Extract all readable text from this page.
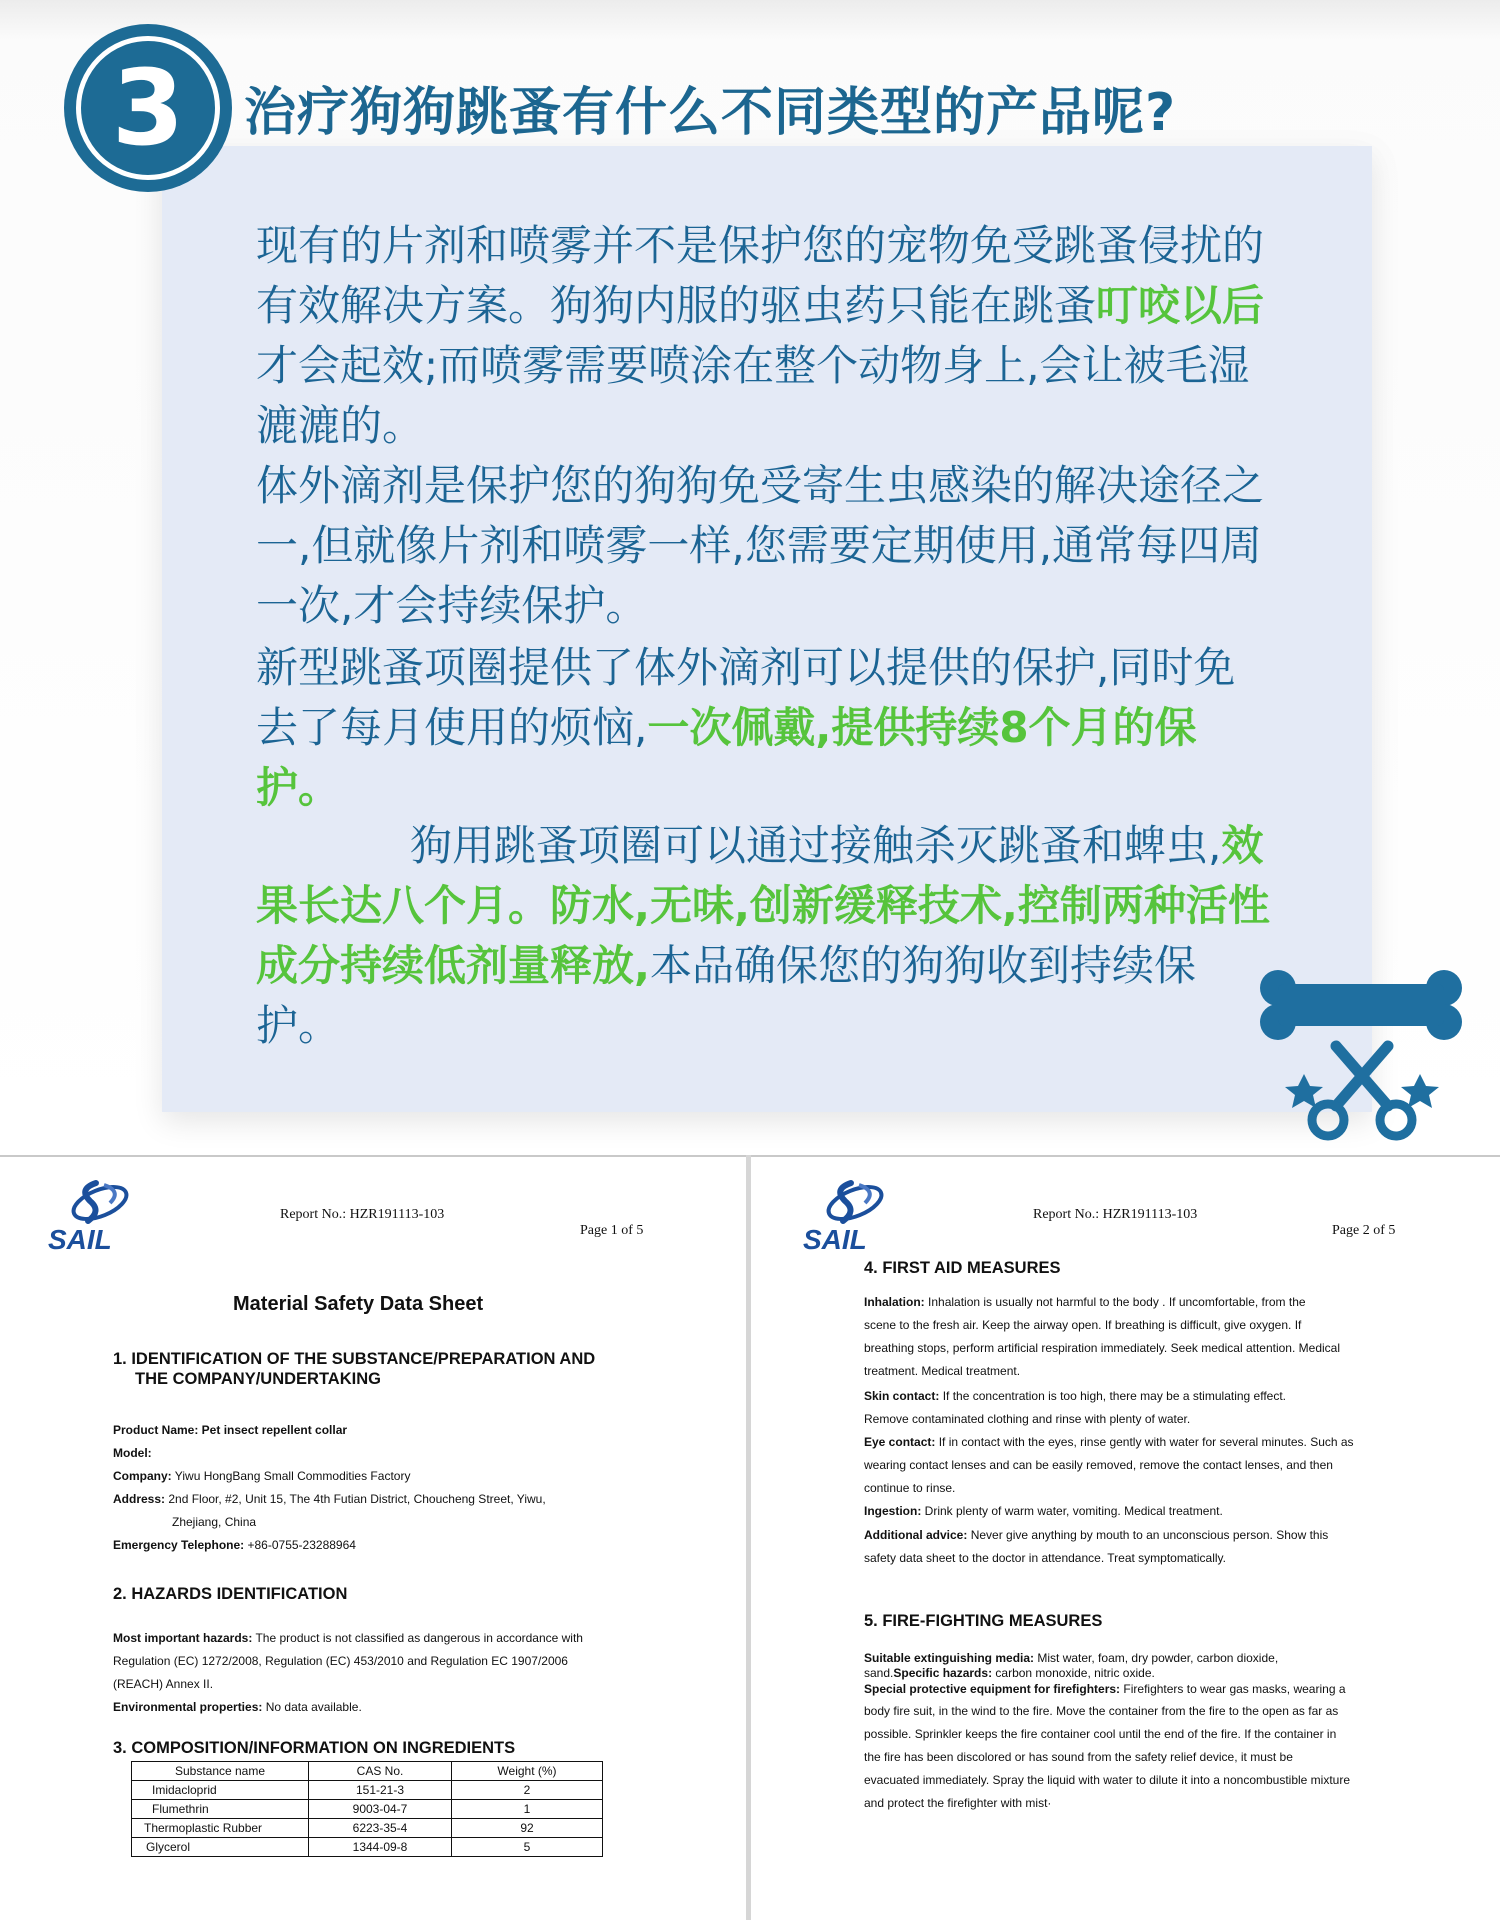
3	治疗狗狗跳蚤有什么不同类型的产品呢?
现有的片剂和喷雾并不是保护您的宠物免受跳蚤侵扰的有效解决方案。狗狗内服的驱虫药只能在跳蚤叮咬以后才会起效;而喷雾需要喷涂在整个动物身上,会让被毛湿漉漉的。
体外滴剂是保护您的狗狗免受寄生虫感染的解决途径之一,但就像片剂和喷雾一样,您需要定期使用,通常每四周一次,才会持续保护。
新型跳蚤项圈提供了体外滴剂可以提供的保护,同时免去了每月使用的烦恼,一次佩戴,提供持续8个月的保护。
狗用跳蚤项圈可以通过接触杀灭跳蚤和蜱虫,效果长达八个月。防水,无味,创新缓释技术,控制两种活性成分持续低剂量释放,本品确保您的狗狗收到持续保护。
SAIL
Report No.: HZR191113-103
Page 1 of 5
Material Safety Data Sheet
1. IDENTIFICATION OF THE SUBSTANCE/PREPARATION AND
THE COMPANY/UNDERTAKING
Product Name: Pet insect repellent collar
Model:
Company: Yiwu HongBang Small Commodities Factory
Address: 2nd Floor, #2, Unit 15, The 4th Futian District, Choucheng Street, Yiwu,
Zhejiang, China
Emergency Telephone: +86-0755-23288964
2. HAZARDS IDENTIFICATION
Most important hazards: The product is not classified as dangerous in accordance with
Regulation (EC) 1272/2008, Regulation (EC) 453/2010 and Regulation EC 1907/2006
(REACH) Annex II.
Environmental properties: No data available.
3. COMPOSITION/INFORMATION ON INGREDIENTS
Substance name	CAS No.	Weight (%)
Imidacloprid	151-21-3	2
Flumethrin	9003-04-7	1
Thermoplastic Rubber	6223-35-4	92
Glycerol	1344-09-8	5
SAIL
Report No.: HZR191113-103
Page 2 of 5
4. FIRST AID MEASURES
Inhalation: Inhalation is usually not harmful to the body . If uncomfortable, from the
scene to the fresh air. Keep the airway open. If breathing is difficult, give oxygen. If
breathing stops, perform artificial respiration immediately. Seek medical attention. Medical
treatment. Medical treatment.
Skin contact: If the concentration is too high, there may be a stimulating effect.
Remove contaminated clothing and rinse with plenty of water.
Eye contact: If in contact with the eyes, rinse gently with water for several minutes. Such as
wearing contact lenses and can be easily removed, remove the contact lenses, and then
continue to rinse.
Ingestion: Drink plenty of warm water, vomiting. Medical treatment.
Additional advice: Never give anything by mouth to an unconscious person. Show this
safety data sheet to the doctor in attendance. Treat symptomatically.
5. FIRE-FIGHTING MEASURES
Suitable extinguishing media: Mist water, foam, dry powder, carbon dioxide,
sand.Specific hazards: carbon monoxide, nitric oxide.
Special protective equipment for firefighters: Firefighters to wear gas masks, wearing a
body fire suit, in the wind to the fire. Move the container from the fire to the open as far as
possible. Sprinkler keeps the fire container cool until the end of the fire. If the container in
the fire has been discolored or has sound from the safety relief device, it must be
evacuated immediately. Spray the liquid with water to dilute it into a noncombustible mixture
and protect the firefighter with mist·
